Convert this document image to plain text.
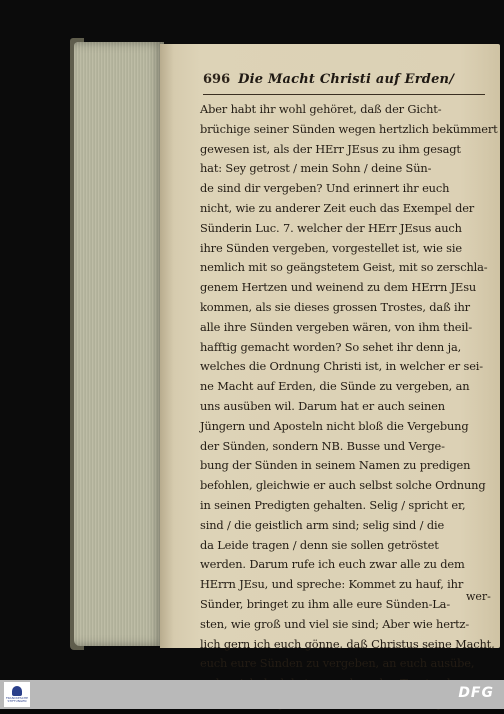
696 Die Macht Christi auf Erden/
Aber habt ihr wohl gehöret, daß der Gicht-
brüchige seiner Sünden wegen hertzlich bekümmert
gewesen ist, als der HErr JEsus zu ihm gesagt
hat: Sey getrost / mein Sohn / deine Sün-
de sind dir vergeben? Und erinnert ihr euch
nicht, wie zu anderer Zeit euch das Exempel der
Sünderin Luc. 7. welcher der HErr JEsus auch
ihre Sünden vergeben, vorgestellet ist, wie sie
nemlich mit so geängstetem Geist, mit so zerschla-
genem Hertzen und weinend zu dem HErrn JEsu
kommen, als sie dieses grossen Trostes, daß ihr
alle ihre Sünden vergeben wären, von ihm theil-
hafftig gemacht worden? So sehet ihr denn ja,
welches die Ordnung Christi ist, in welcher er sei-
ne Macht auf Erden, die Sünde zu vergeben, an
uns ausüben wil. Darum hat er auch seinen
Jüngern und Aposteln nicht bloß die Vergebung
der Sünden, sondern NB. Busse und Verge-
bung der Sünden in seinem Namen zu predigen
befohlen, gleichwie er auch selbst solche Ordnung
in seinen Predigten gehalten. Selig / spricht er,
sind / die geistlich arm sind; selig sind / die
da Leide tragen / denn sie sollen getröstet
werden. Darum rufe ich euch zwar alle zu dem
HErrn JEsu, und spreche: Kommet zu hauf, ihr
Sünder, bringet zu ihm alle eure Sünden-La-
sten, wie groß und viel sie sind; Aber wie hertz-
lich gern ich euch gönne, daß Christus seine Macht,
euch eure Sünden zu vergeben, an euch ausübe,
wer-
FRANCKESCHE STIFTUNGEN	DFG
